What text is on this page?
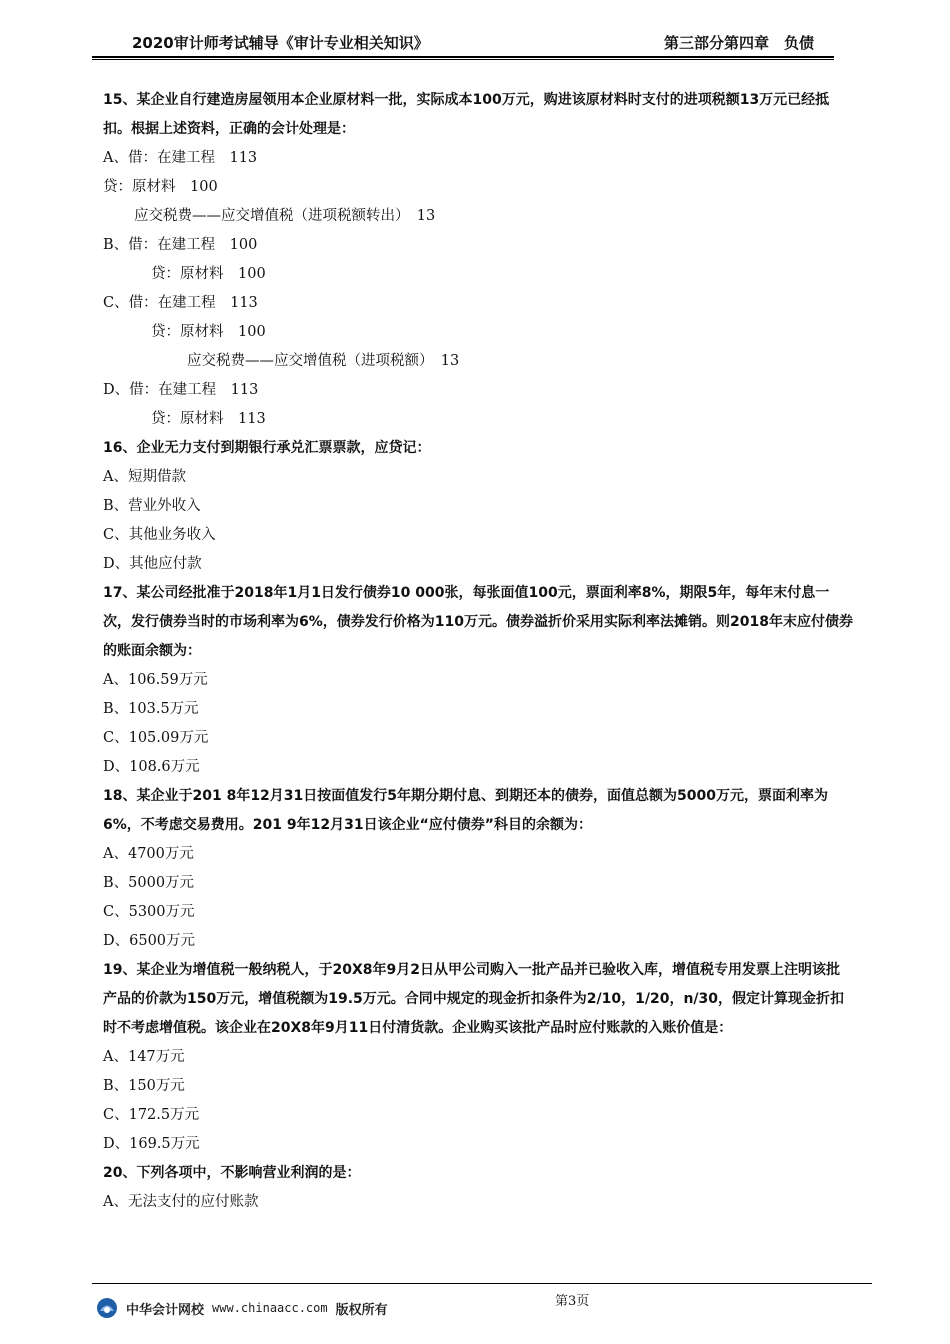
2020审计师考试辅导《审计专业相关知识》	第三部分第四章　负债
15、某企业自行建造房屋领用本企业原材料一批，实际成本100万元，购进该原材料时支付的进项税额13万元已经抵扣。根据上述资料，正确的会计处理是：
A、借：在建工程　113
贷：原材料　100
应交税费——应交增值税（进项税额转出）　13
B、借：在建工程　100
贷：原材料　100
C、借：在建工程　113
贷：原材料　100
应交税费——应交增值税（进项税额）　13
D、借：在建工程　113
贷：原材料　113
16、企业无力支付到期银行承兑汇票票款，应贷记：
A、短期借款
B、营业外收入
C、其他业务收入
D、其他应付款
17、某公司经批准于2018年1月1日发行债券10 000张，每张面值100元，票面利率8%，期限5年，每年末付息一次，发行债券当时的市场利率为6%，债券发行价格为110万元。债券溢折价采用实际利率法摊销。则2018年末应付债券的账面余额为：
A、106.59万元
B、103.5万元
C、105.09万元
D、108.6万元
18、某企业于201 8年12月31日按面值发行5年期分期付息、到期还本的债券，面值总额为5000万元，票面利率为6%，不考虑交易费用。201 9年12月31日该企业“应付债券”科目的余额为：
A、4700万元
B、5000万元
C、5300万元
D、6500万元
19、某企业为增值税一般纳税人，于20X8年9月2日从甲公司购入一批产品并已验收入库，增值税专用发票上注明该批产品的价款为150万元，增值税额为19.5万元。合同中规定的现金折扣条件为2/10，1/20，n/30，假定计算现金折扣时不考虑增值税。该企业在20X8年9月11日付清货款。企业购买该批产品时应付账款的入账价值是：
A、147万元
B、150万元
C、172.5万元
D、169.5万元
20、下列各项中，不影响营业利润的是：
A、无法支付的应付账款
第3页
中华会计网校 www.chinaacc.com 版权所有
